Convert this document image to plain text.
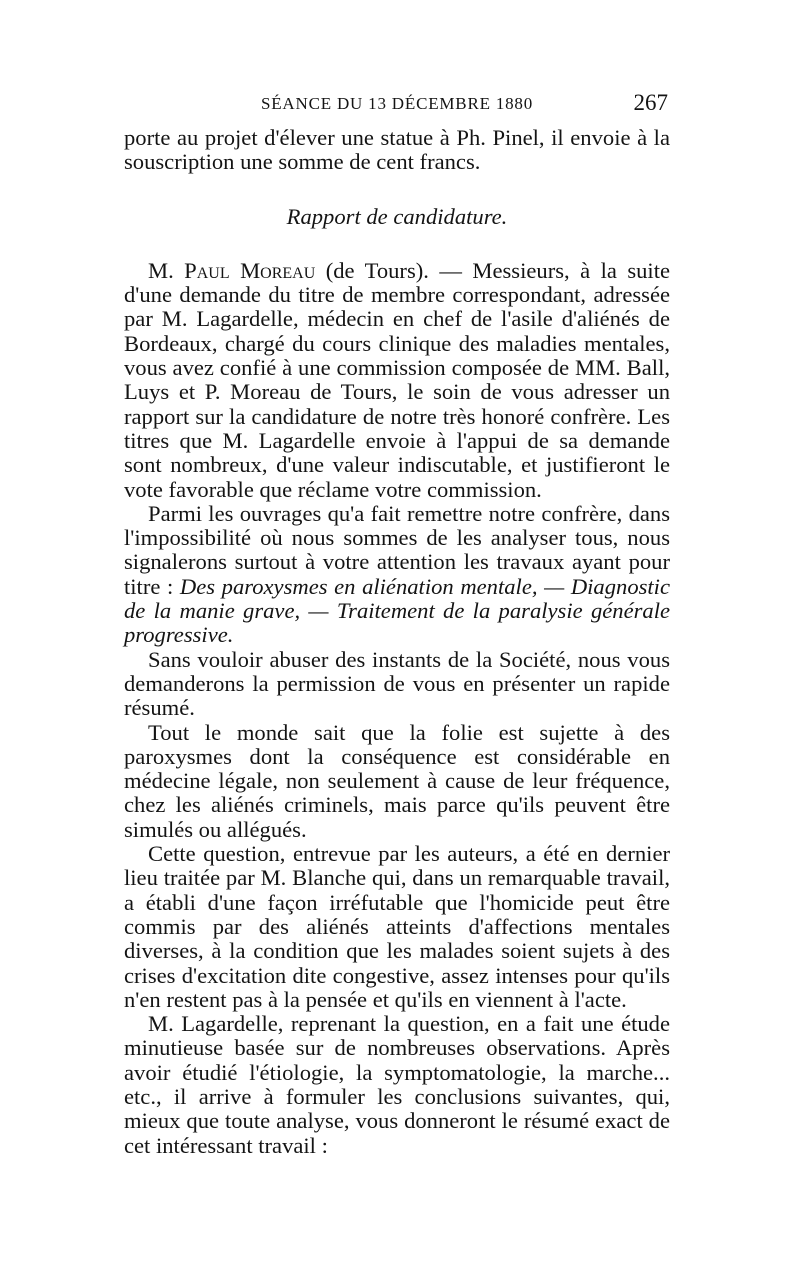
SÉANCE DU 13 DÉCEMBRE 1880	267

porte au projet d'élever une statue à Ph. Pinel, il envoie à la souscription une somme de cent francs.

Rapport de candidature.

M. Paul Moreau (de Tours). — Messieurs, à la suite d'une demande du titre de membre correspondant, adressée par M. Lagardelle, médecin en chef de l'asile d'aliénés de Bordeaux, chargé du cours clinique des maladies mentales, vous avez confié à une commission composée de MM. Ball, Luys et P. Moreau de Tours, le soin de vous adresser un rapport sur la candidature de notre très honoré confrère. Les titres que M. Lagardelle envoie à l'appui de sa demande sont nombreux, d'une valeur indiscutable, et justifieront le vote favorable que réclame votre commission.

Parmi les ouvrages qu'a fait remettre notre confrère, dans l'impossibilité où nous sommes de les analyser tous, nous signalerons surtout à votre attention les travaux ayant pour titre : Des paroxysmes en aliénation mentale, — Diagnostic de la manie grave, — Traitement de la paralysie générale progressive.

Sans vouloir abuser des instants de la Société, nous vous demanderons la permission de vous en présenter un rapide résumé.

Tout le monde sait que la folie est sujette à des paroxysmes dont la conséquence est considérable en médecine légale, non seulement à cause de leur fréquence, chez les aliénés criminels, mais parce qu'ils peuvent être simulés ou allégués.

Cette question, entrevue par les auteurs, a été en dernier lieu traitée par M. Blanche qui, dans un remarquable travail, a établi d'une façon irréfutable que l'homicide peut être commis par des aliénés atteints d'affections mentales diverses, à la condition que les malades soient sujets à des crises d'excitation dite congestive, assez intenses pour qu'ils n'en restent pas à la pensée et qu'ils en viennent à l'acte.

M. Lagardelle, reprenant la question, en a fait une étude minutieuse basée sur de nombreuses observations. Après avoir étudié l'étiologie, la symptomatologie, la marche... etc., il arrive à formuler les conclusions suivantes, qui, mieux que toute analyse, vous donneront le résumé exact de cet intéressant travail :
